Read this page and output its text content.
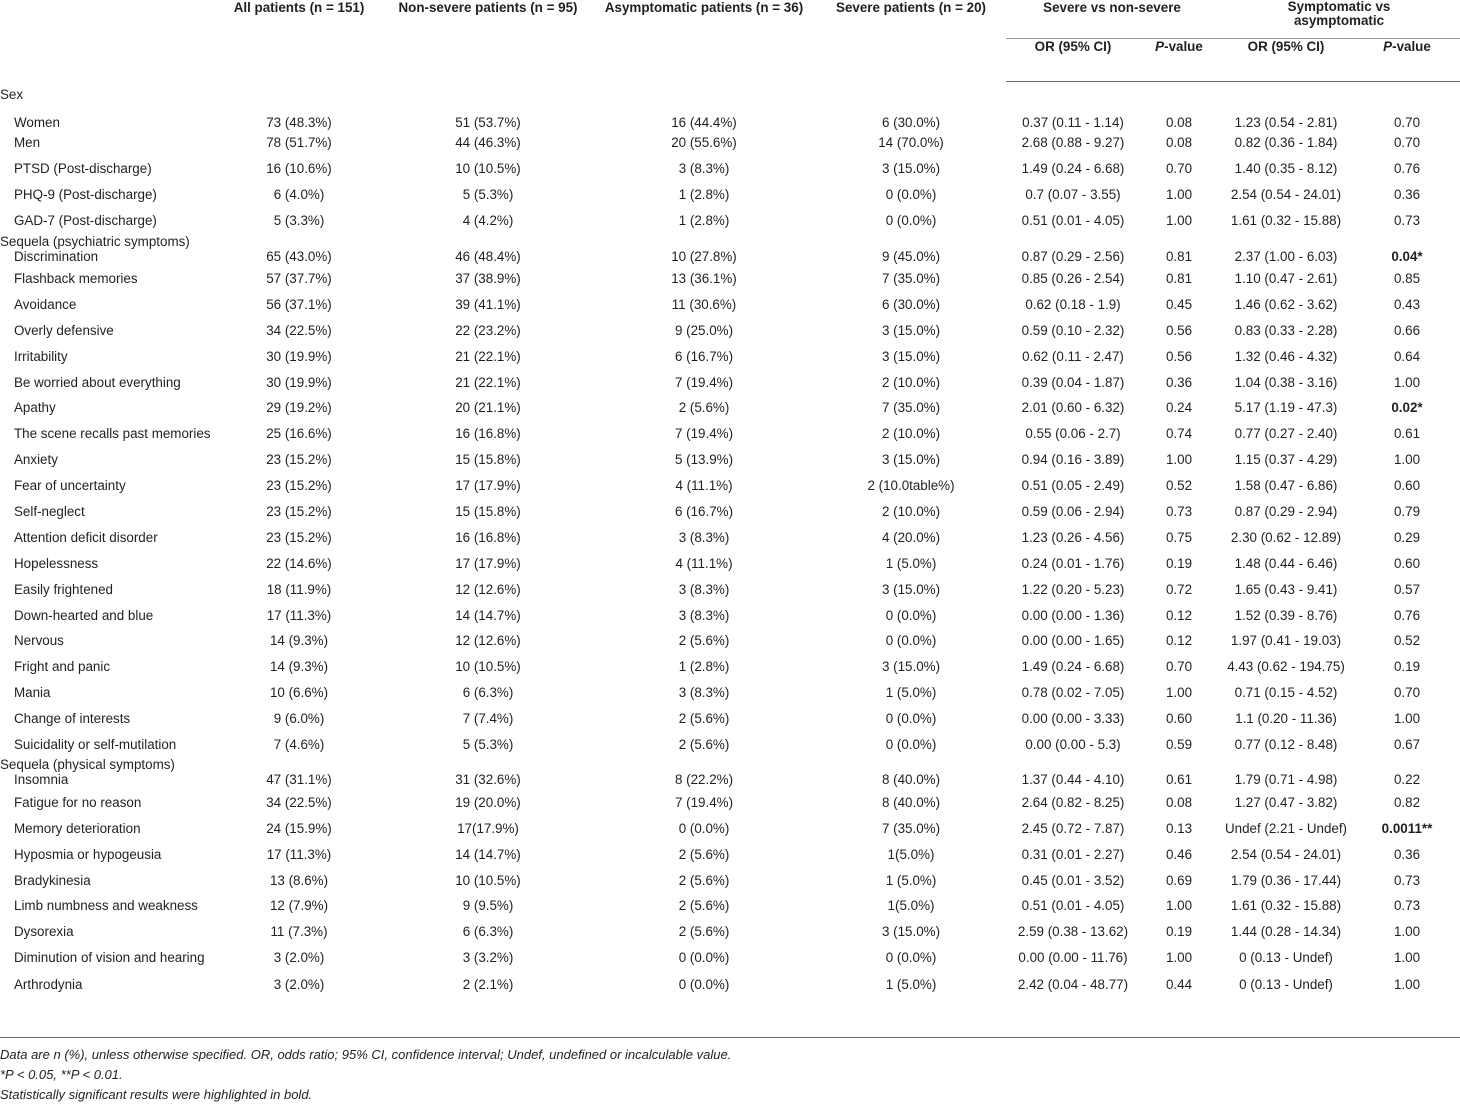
	All patients (n = 151)	Non-severe patients (n = 95)	Asymptomatic patients (n = 36)	Severe patients (n = 20)	Severe vs non-severe		Symptomatic vs asymptomatic	
					OR (95% CI)	P-value	OR (95% CI)	P-value
Sex								
Women	73 (48.3%)	51 (53.7%)	16 (44.4%)	6 (30.0%)	0.37 (0.11 - 1.14)	0.08	1.23 (0.54 - 2.81)	0.70
Men	78 (51.7%)	44 (46.3%)	20 (55.6%)	14 (70.0%)	2.68 (0.88 - 9.27)	0.08	0.82 (0.36 - 1.84)	0.70
PTSD (Post-discharge)	16 (10.6%)	10 (10.5%)	3 (8.3%)	3 (15.0%)	1.49 (0.24 - 6.68)	0.70	1.40 (0.35 - 8.12)	0.76
PHQ-9 (Post-discharge)	6 (4.0%)	5 (5.3%)	1 (2.8%)	0 (0.0%)	0.7 (0.07 - 3.55)	1.00	2.54 (0.54 - 24.01)	0.36
GAD-7 (Post-discharge)	5 (3.3%)	4 (4.2%)	1 (2.8%)	0 (0.0%)	0.51 (0.01 - 4.05)	1.00	1.61 (0.32 - 15.88)	0.73
Sequela (psychiatric symptoms)								
Discrimination	65 (43.0%)	46 (48.4%)	10 (27.8%)	9 (45.0%)	0.87 (0.29 - 2.56)	0.81	2.37 (1.00 - 6.03)	0.04*
Flashback memories	57 (37.7%)	37 (38.9%)	13 (36.1%)	7 (35.0%)	0.85 (0.26 - 2.54)	0.81	1.10 (0.47 - 2.61)	0.85
Avoidance	56 (37.1%)	39 (41.1%)	11 (30.6%)	6 (30.0%)	0.62 (0.18 - 1.9)	0.45	1.46 (0.62 - 3.62)	0.43
Overly defensive	34 (22.5%)	22 (23.2%)	9 (25.0%)	3 (15.0%)	0.59 (0.10 - 2.32)	0.56	0.83 (0.33 - 2.28)	0.66
Irritability	30 (19.9%)	21 (22.1%)	6 (16.7%)	3 (15.0%)	0.62 (0.11 - 2.47)	0.56	1.32 (0.46 - 4.32)	0.64
Be worried about everything	30 (19.9%)	21 (22.1%)	7 (19.4%)	2 (10.0%)	0.39 (0.04 - 1.87)	0.36	1.04 (0.38 - 3.16)	1.00
Apathy	29 (19.2%)	20 (21.1%)	2 (5.6%)	7 (35.0%)	2.01 (0.60 - 6.32)	0.24	5.17 (1.19 - 47.3)	0.02*
The scene recalls past memories	25 (16.6%)	16 (16.8%)	7 (19.4%)	2 (10.0%)	0.55 (0.06 - 2.7)	0.74	0.77 (0.27 - 2.40)	0.61
Anxiety	23 (15.2%)	15 (15.8%)	5 (13.9%)	3 (15.0%)	0.94 (0.16 - 3.89)	1.00	1.15 (0.37 - 4.29)	1.00
Fear of uncertainty	23 (15.2%)	17 (17.9%)	4 (11.1%)	2 (10.0table%)	0.51 (0.05 - 2.49)	0.52	1.58 (0.47 - 6.86)	0.60
Self-neglect	23 (15.2%)	15 (15.8%)	6 (16.7%)	2 (10.0%)	0.59 (0.06 - 2.94)	0.73	0.87 (0.29 - 2.94)	0.79
Attention deficit disorder	23 (15.2%)	16 (16.8%)	3 (8.3%)	4 (20.0%)	1.23 (0.26 - 4.56)	0.75	2.30 (0.62 - 12.89)	0.29
Hopelessness	22 (14.6%)	17 (17.9%)	4 (11.1%)	1 (5.0%)	0.24 (0.01 - 1.76)	0.19	1.48 (0.44 - 6.46)	0.60
Easily frightened	18 (11.9%)	12 (12.6%)	3 (8.3%)	3 (15.0%)	1.22 (0.20 - 5.23)	0.72	1.65 (0.43 - 9.41)	0.57
Down-hearted and blue	17 (11.3%)	14 (14.7%)	3 (8.3%)	0 (0.0%)	0.00 (0.00 - 1.36)	0.12	1.52 (0.39 - 8.76)	0.76
Nervous	14 (9.3%)	12 (12.6%)	2 (5.6%)	0 (0.0%)	0.00 (0.00 - 1.65)	0.12	1.97 (0.41 - 19.03)	0.52
Fright and panic	14 (9.3%)	10 (10.5%)	1 (2.8%)	3 (15.0%)	1.49 (0.24 - 6.68)	0.70	4.43 (0.62 - 194.75)	0.19
Mania	10 (6.6%)	6 (6.3%)	3 (8.3%)	1 (5.0%)	0.78 (0.02 - 7.05)	1.00	0.71 (0.15 - 4.52)	0.70
Change of interests	9 (6.0%)	7 (7.4%)	2 (5.6%)	0 (0.0%)	0.00 (0.00 - 3.33)	0.60	1.1 (0.20 - 11.36)	1.00
Suicidality or self-mutilation	7 (4.6%)	5 (5.3%)	2 (5.6%)	0 (0.0%)	0.00 (0.00 - 5.3)	0.59	0.77 (0.12 - 8.48)	0.67
Sequela (physical symptoms)								
Insomnia	47 (31.1%)	31 (32.6%)	8 (22.2%)	8 (40.0%)	1.37 (0.44 - 4.10)	0.61	1.79 (0.71 - 4.98)	0.22
Fatigue for no reason	34 (22.5%)	19 (20.0%)	7 (19.4%)	8 (40.0%)	2.64 (0.82 - 8.25)	0.08	1.27 (0.47 - 3.82)	0.82
Memory deterioration	24 (15.9%)	17(17.9%)	0 (0.0%)	7 (35.0%)	2.45 (0.72 - 7.87)	0.13	Undef (2.21 - Undef)	0.0011**
Hyposmia or hypogeusia	17 (11.3%)	14 (14.7%)	2 (5.6%)	1(5.0%)	0.31 (0.01 - 2.27)	0.46	2.54 (0.54 - 24.01)	0.36
Bradykinesia	13 (8.6%)	10 (10.5%)	2 (5.6%)	1 (5.0%)	0.45 (0.01 - 3.52)	0.69	1.79 (0.36 - 17.44)	0.73
Limb numbness and weakness	12 (7.9%)	9 (9.5%)	2 (5.6%)	1(5.0%)	0.51 (0.01 - 4.05)	1.00	1.61 (0.32 - 15.88)	0.73
Dysorexia	11 (7.3%)	6 (6.3%)	2 (5.6%)	3 (15.0%)	2.59 (0.38 - 13.62)	0.19	1.44 (0.28 - 14.34)	1.00
Diminution of vision and hearing	3 (2.0%)	3 (3.2%)	0 (0.0%)	0 (0.0%)	0.00 (0.00 - 11.76)	1.00	0 (0.13 - Undef)	1.00
Arthrodynia	3 (2.0%)	2 (2.1%)	0 (0.0%)	1 (5.0%)	2.42 (0.04 - 48.77)	0.44	0 (0.13 - Undef)	1.00
Data are n (%), unless otherwise specified. OR, odds ratio; 95% CI, confidence interval; Undef, undefined or incalculable value.
*P < 0.05, **P < 0.01.
Statistically significant results were highlighted in bold.
